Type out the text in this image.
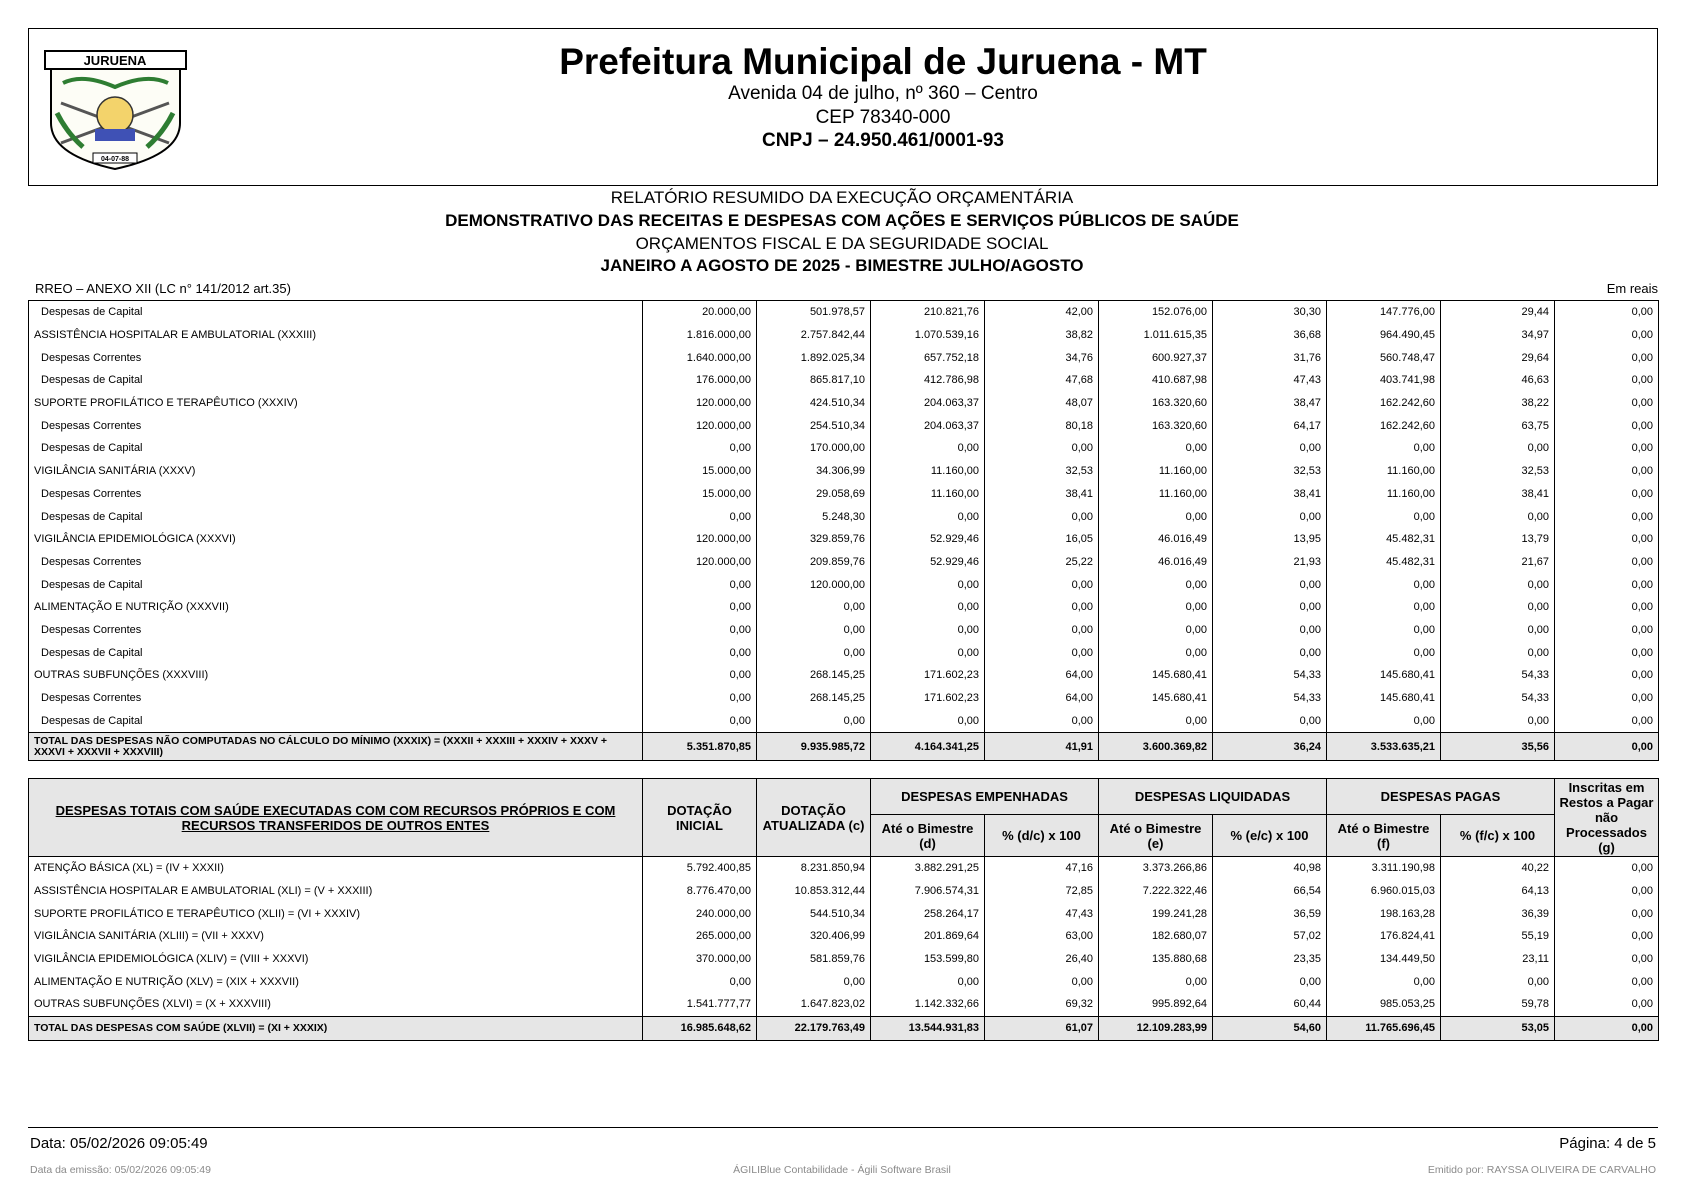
JURUENA
04-07-88
Prefeitura Municipal de Juruena - MT
Avenida 04 de julho, nº 360 – Centro
CEP 78340-000
CNPJ – 24.950.461/0001-93
RELATÓRIO RESUMIDO DA EXECUÇÃO ORÇAMENTÁRIA
DEMONSTRATIVO DAS RECEITAS E DESPESAS COM AÇÕES E SERVIÇOS PÚBLICOS DE SAÚDE
ORÇAMENTOS FISCAL E DA SEGURIDADE SOCIAL
JANEIRO A AGOSTO DE 2025 - BIMESTRE JULHO/AGOSTO
RREO – ANEXO XII (LC n° 141/2012 art.35)	Em reais
Despesas de Capital	20.000,00	501.978,57	210.821,76	42,00	152.076,00	30,30	147.776,00	29,44	0,00
ASSISTÊNCIA HOSPITALAR E AMBULATORIAL (XXXIII)	1.816.000,00	2.757.842,44	1.070.539,16	38,82	1.011.615,35	36,68	964.490,45	34,97	0,00
Despesas Correntes	1.640.000,00	1.892.025,34	657.752,18	34,76	600.927,37	31,76	560.748,47	29,64	0,00
Despesas de Capital	176.000,00	865.817,10	412.786,98	47,68	410.687,98	47,43	403.741,98	46,63	0,00
SUPORTE PROFILÁTICO E TERAPÊUTICO (XXXIV)	120.000,00	424.510,34	204.063,37	48,07	163.320,60	38,47	162.242,60	38,22	0,00
Despesas Correntes	120.000,00	254.510,34	204.063,37	80,18	163.320,60	64,17	162.242,60	63,75	0,00
Despesas de Capital	0,00	170.000,00	0,00	0,00	0,00	0,00	0,00	0,00	0,00
VIGILÂNCIA SANITÁRIA (XXXV)	15.000,00	34.306,99	11.160,00	32,53	11.160,00	32,53	11.160,00	32,53	0,00
Despesas Correntes	15.000,00	29.058,69	11.160,00	38,41	11.160,00	38,41	11.160,00	38,41	0,00
Despesas de Capital	0,00	5.248,30	0,00	0,00	0,00	0,00	0,00	0,00	0,00
VIGILÂNCIA EPIDEMIOLÓGICA (XXXVI)	120.000,00	329.859,76	52.929,46	16,05	46.016,49	13,95	45.482,31	13,79	0,00
Despesas Correntes	120.000,00	209.859,76	52.929,46	25,22	46.016,49	21,93	45.482,31	21,67	0,00
Despesas de Capital	0,00	120.000,00	0,00	0,00	0,00	0,00	0,00	0,00	0,00
ALIMENTAÇÃO E NUTRIÇÃO (XXXVII)	0,00	0,00	0,00	0,00	0,00	0,00	0,00	0,00	0,00
Despesas Correntes	0,00	0,00	0,00	0,00	0,00	0,00	0,00	0,00	0,00
Despesas de Capital	0,00	0,00	0,00	0,00	0,00	0,00	0,00	0,00	0,00
OUTRAS SUBFUNÇÕES (XXXVIII)	0,00	268.145,25	171.602,23	64,00	145.680,41	54,33	145.680,41	54,33	0,00
Despesas Correntes	0,00	268.145,25	171.602,23	64,00	145.680,41	54,33	145.680,41	54,33	0,00
Despesas de Capital	0,00	0,00	0,00	0,00	0,00	0,00	0,00	0,00	0,00
TOTAL DAS DESPESAS NÃO COMPUTADAS NO CÁLCULO DO MÍNIMO (XXXIX) = (XXXII + XXXIII + XXXIV + XXXV + XXXVI + XXXVII + XXXVIII)	5.351.870,85	9.935.985,72	4.164.341,25	41,91	3.600.369,82	36,24	3.533.635,21	35,56	0,00
DESPESAS TOTAIS COM SAÚDE EXECUTADAS COM COM RECURSOS PRÓPRIOS E COM RECURSOS TRANSFERIDOS DE OUTROS ENTES	DOTAÇÃO INICIAL	DOTAÇÃO ATUALIZADA (c)	DESPESAS EMPENHADAS		DESPESAS LIQUIDADAS		DESPESAS PAGAS		Inscritas em Restos a Pagar não Processados (g)
			Até o Bimestre (d)	% (d/c) x 100	Até o Bimestre (e)	% (e/c) x 100	Até o Bimestre (f)	% (f/c) x 100	
ATENÇÃO BÁSICA (XL) = (IV + XXXII)	5.792.400,85	8.231.850,94	3.882.291,25	47,16	3.373.266,86	40,98	3.311.190,98	40,22	0,00
ASSISTÊNCIA HOSPITALAR E AMBULATORIAL (XLI) = (V + XXXIII)	8.776.470,00	10.853.312,44	7.906.574,31	72,85	7.222.322,46	66,54	6.960.015,03	64,13	0,00
SUPORTE PROFILÁTICO E TERAPÊUTICO (XLII) = (VI + XXXIV)	240.000,00	544.510,34	258.264,17	47,43	199.241,28	36,59	198.163,28	36,39	0,00
VIGILÂNCIA SANITÁRIA (XLIII) = (VII + XXXV)	265.000,00	320.406,99	201.869,64	63,00	182.680,07	57,02	176.824,41	55,19	0,00
VIGILÂNCIA EPIDEMIOLÓGICA (XLIV) = (VIII + XXXVI)	370.000,00	581.859,76	153.599,80	26,40	135.880,68	23,35	134.449,50	23,11	0,00
ALIMENTAÇÃO E NUTRIÇÃO (XLV) = (XIX + XXXVII)	0,00	0,00	0,00	0,00	0,00	0,00	0,00	0,00	0,00
OUTRAS SUBFUNÇÕES (XLVI) = (X + XXXVIII)	1.541.777,77	1.647.823,02	1.142.332,66	69,32	995.892,64	60,44	985.053,25	59,78	0,00
TOTAL DAS DESPESAS COM SAÚDE (XLVII) = (XI + XXXIX)	16.985.648,62	22.179.763,49	13.544.931,83	61,07	12.109.283,99	54,60	11.765.696,45	53,05	0,00
Data: 05/02/2026 09:05:49	Página: 4 de 5
Data da emissão: 05/02/2026 09:05:49	ÁGILIBlue Contabilidade - Ágili Software Brasil	Emitido por: RAYSSA OLIVEIRA DE CARVALHO
